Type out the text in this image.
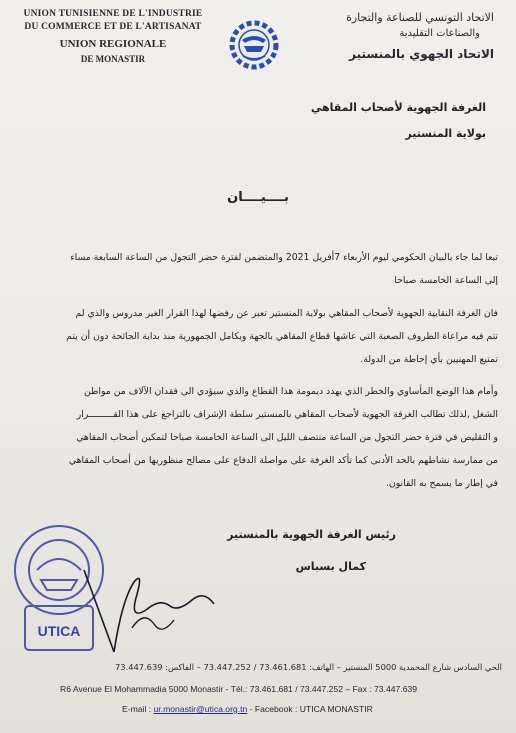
UNION TUNISIENNE DE L'INDUSTRIE
DU COMMERCE ET DE L'ARTISANAT
UNION REGIONALE
DE MONASTIR
الاتحاد التونسي للصناعة والتجارة
والصناعات التقليدية
الاتحاد الجهوي بالمنستير
الغرفة الجهوية لأصحاب المقاهي
بولاية المنستير
بــــيــــان
تبعا لما جاء بالبيان الحكومي ليوم الأربعاء 7أفريل 2021 والمتضمن لفترة حضر التجول من الساعة السابعة مساء
إلى الساعة الخامسة صباحا
فان الغرفة النقابية الجهوية لأصحاب المقاهي بولاية المنستير تعبر عن رفضها لهذا القرار الغير مدروس والذي لم
تتم فيه مراعاة الظروف الصعبة التي عاشها قطاع المقاهي بالجهة وبكامل الجمهورية منذ بداية الجائحة دون أن يتم
تمتيع المهنيين بأي إحاطة من الدولة.
وأمام هذا الوضع المأساوي والخطر الذي يهدد ديمومة هذا القطاع والذي سيؤدي الى فقدان الآلاف من مواطن
الشغل ,لذلك تطالب الغرفة الجهوية لأصحاب المقاهي بالمنستير سلطة الإشراف بالتراجع على هذا القـــــــــرار
و التقليص في فترة حضر التجول من الساعة منتصف الليل الى الساعة الخامسة صباحا لتمكين أصحاب المقاهي
من ممارسة نشاطهم بالحد الأدنى كما تأكد الغرفة على مواصلة الدفاع على مصالح منظوريها من أصحاب المقاهي
في إطار ما يسمح به القانون.
UTICA
رئيس الغرفة الجهوية بالمنستير
كمال بسباس
الحي السادس شارع المحمدية 5000 المنستير – الهاتف: 73.461.681 / 73.447.252 – الفاكس: 73.447.639
R6 Avenue El Mohammadia 5000 Monastir - Tél.: 73.461.681 / 73.447.252 – Fax : 73.447.639
E-mail : ur.monastir@utica.org.tn - Facebook : UTICA MONASTIR
